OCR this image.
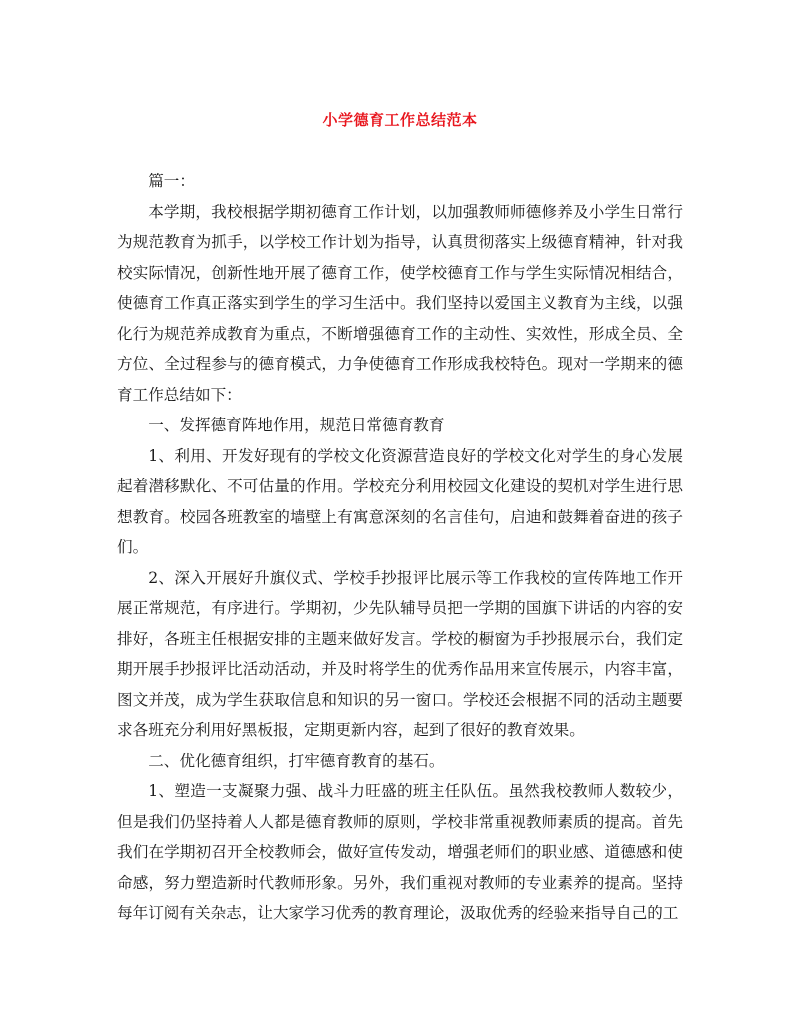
小学德育工作总结范本

篇一：

本学期，我校根据学期初德育工作计划，以加强教师师德修养及小学生日常行为规范教育为抓手，以学校工作计划为指导，认真贯彻落实上级德育精神，针对我校实际情况，创新性地开展了德育工作，使学校德育工作与学生实际情况相结合，使德育工作真正落实到学生的学习生活中。我们坚持以爱国主义教育为主线，以强化行为规范养成教育为重点，不断增强德育工作的主动性、实效性，形成全员、全方位、全过程参与的德育模式，力争使德育工作形成我校特色。现对一学期来的德育工作总结如下：

一、发挥德育阵地作用，规范日常德育教育

1、利用、开发好现有的学校文化资源营造良好的学校文化对学生的身心发展起着潜移默化、不可估量的作用。学校充分利用校园文化建设的契机对学生进行思想教育。校园各班教室的墙壁上有寓意深刻的名言佳句，启迪和鼓舞着奋进的孩子们。

2、深入开展好升旗仪式、学校手抄报评比展示等工作我校的宣传阵地工作开展正常规范，有序进行。学期初，少先队辅导员把一学期的国旗下讲话的内容的安排好，各班主任根据安排的主题来做好发言。学校的橱窗为手抄报展示台，我们定期开展手抄报评比活动活动，并及时将学生的优秀作品用来宣传展示，内容丰富，图文并茂，成为学生获取信息和知识的另一窗口。学校还会根据不同的活动主题要求各班充分利用好黑板报，定期更新内容，起到了很好的教育效果。

二、优化德育组织，打牢德育教育的基石。

1、塑造一支凝聚力强、战斗力旺盛的班主任队伍。虽然我校教师人数较少，但是我们仍坚持着人人都是德育教师的原则，学校非常重视教师素质的提高。首先我们在学期初召开全校教师会，做好宣传发动，增强老师们的职业感、道德感和使命感，努力塑造新时代教师形象。另外，我们重视对教师的专业素养的提高。坚持每年订阅有关杂志，让大家学习优秀的教育理论，汲取优秀的经验来指导自己的工
